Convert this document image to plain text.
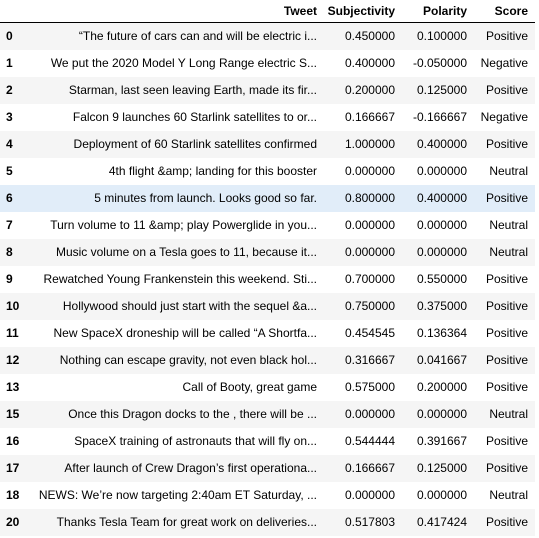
	Tweet	Subjectivity	Polarity	Score
0	“The future of cars can and will be electric i...	0.450000	0.100000	Positive
1	We put the 2020 Model Y Long Range electric S...	0.400000	-0.050000	Negative
2	Starman, last seen leaving Earth, made its fir...	0.200000	0.125000	Positive
3	Falcon 9 launches 60 Starlink satellites to or...	0.166667	-0.166667	Negative
4	Deployment of 60 Starlink satellites confirmed	1.000000	0.400000	Positive
5	4th flight &amp; landing for this booster	0.000000	0.000000	Neutral
6	5 minutes from launch. Looks good so far.	0.800000	0.400000	Positive
7	Turn volume to 11 &amp; play Powerglide in you...	0.000000	0.000000	Neutral
8	Music volume on a Tesla goes to 11, because it...	0.000000	0.000000	Neutral
9	Rewatched Young Frankenstein this weekend. Sti...	0.700000	0.550000	Positive
10	Hollywood should just start with the sequel &a...	0.750000	0.375000	Positive
11	New SpaceX droneship will be called “A Shortfa...	0.454545	0.136364	Positive
12	Nothing can escape gravity, not even black hol...	0.316667	0.041667	Positive
13	Call of Booty, great game	0.575000	0.200000	Positive
15	Once this Dragon docks to the , there will be ...	0.000000	0.000000	Neutral
16	SpaceX training of astronauts that will fly on...	0.544444	0.391667	Positive
17	After launch of Crew Dragon’s first operationa...	0.166667	0.125000	Positive
18	NEWS: We’re now targeting 2:40am ET Saturday, ...	0.000000	0.000000	Neutral
20	Thanks Tesla Team for great work on deliveries...	0.517803	0.417424	Positive
